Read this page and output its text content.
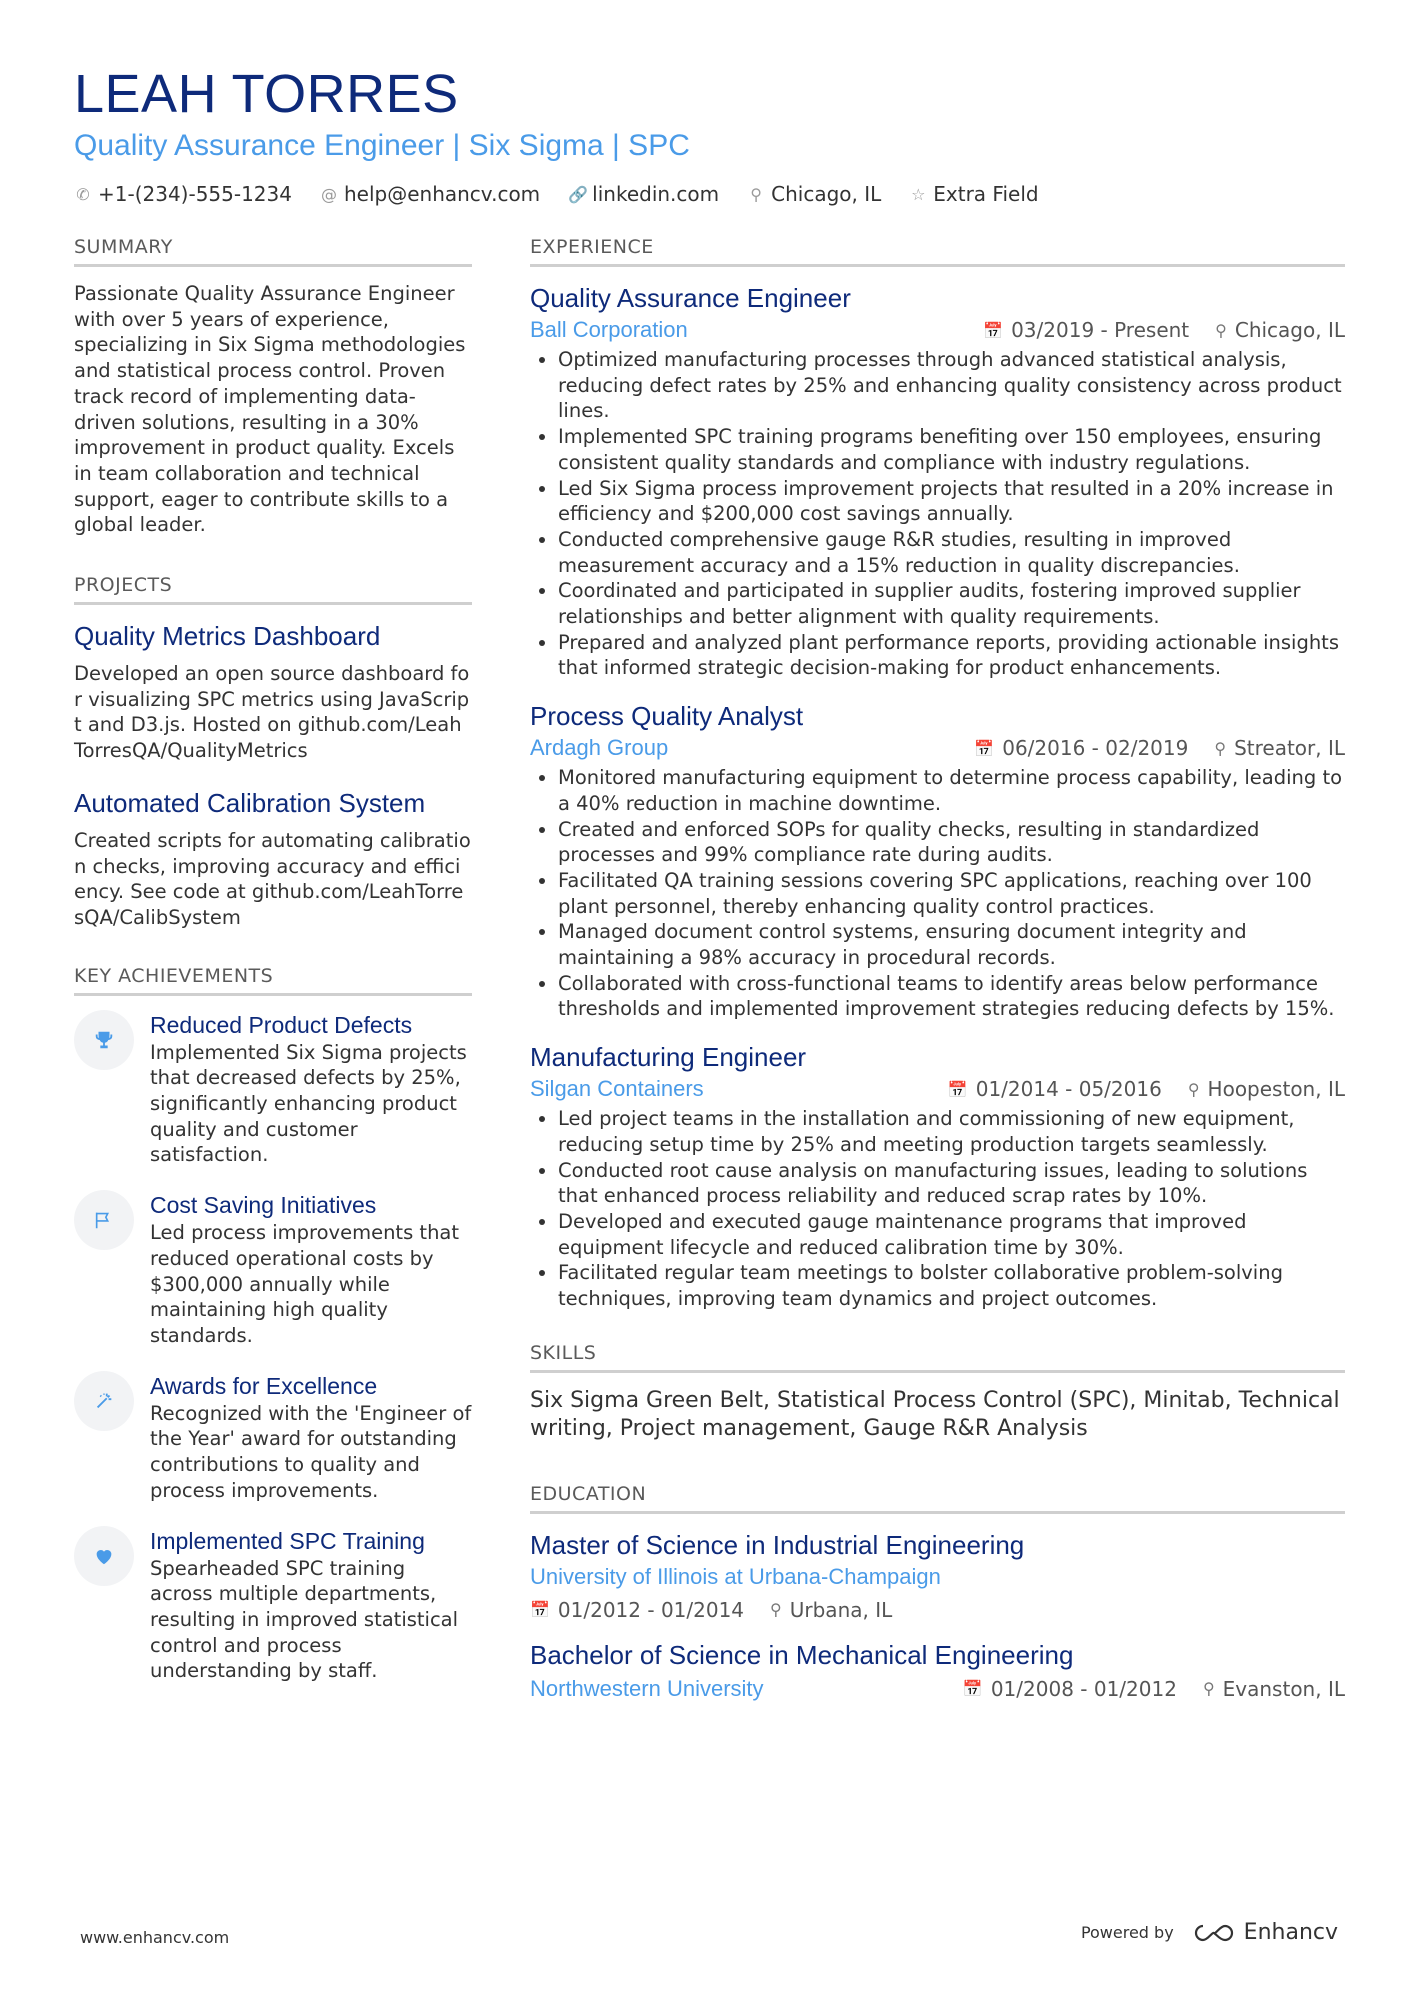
LEAH TORRES
Quality Assurance Engineer | Six Sigma | SPC
✆ +1-(234)-555-1234 @ help@enhancv.com 🔗 linkedin.com ⚲ Chicago, IL ☆ Extra Field
SUMMARY
Passionate Quality Assurance Engineer with over 5 years of experience, specializing in Six Sigma methodologies and statistical process control. Proven track record of implementing data-driven solutions, resulting in a 30% improvement in product quality. Excels in team collaboration and technical support, eager to contribute skills to a global leader.
PROJECTS
Quality Metrics Dashboard
Developed an open source dashboard for visualizing SPC metrics using JavaScript and D3.js. Hosted on github.com/LeahTorresQA/QualityMetrics
Automated Calibration System
Created scripts for automating calibration checks, improving accuracy and efficiency. See code at github.com/LeahTorresQA/CalibSystem
KEY ACHIEVEMENTS
Reduced Product Defects
Implemented Six Sigma projects that decreased defects by 25%, significantly enhancing product quality and customer satisfaction.
Cost Saving Initiatives
Led process improvements that reduced operational costs by $300,000 annually while maintaining high quality standards.
Awards for Excellence
Recognized with the 'Engineer of the Year' award for outstanding contributions to quality and process improvements.
Implemented SPC Training
Spearheaded SPC training across multiple departments, resulting in improved statistical control and process understanding by staff.
EXPERIENCE
Quality Assurance Engineer
Ball Corporation	📅 03/2019 - Present ⚲ Chicago, IL
• Optimized manufacturing processes through advanced statistical analysis, reducing defect rates by 25% and enhancing quality consistency across product lines.
• Implemented SPC training programs benefiting over 150 employees, ensuring consistent quality standards and compliance with industry regulations.
• Led Six Sigma process improvement projects that resulted in a 20% increase in efficiency and $200,000 cost savings annually.
• Conducted comprehensive gauge R&R studies, resulting in improved measurement accuracy and a 15% reduction in quality discrepancies.
• Coordinated and participated in supplier audits, fostering improved supplier relationships and better alignment with quality requirements.
• Prepared and analyzed plant performance reports, providing actionable insights that informed strategic decision-making for product enhancements.
Process Quality Analyst
Ardagh Group	📅 06/2016 - 02/2019 ⚲ Streator, IL
• Monitored manufacturing equipment to determine process capability, leading to a 40% reduction in machine downtime.
• Created and enforced SOPs for quality checks, resulting in standardized processes and 99% compliance rate during audits.
• Facilitated QA training sessions covering SPC applications, reaching over 100 plant personnel, thereby enhancing quality control practices.
• Managed document control systems, ensuring document integrity and maintaining a 98% accuracy in procedural records.
• Collaborated with cross-functional teams to identify areas below performance thresholds and implemented improvement strategies reducing defects by 15%.
Manufacturing Engineer
Silgan Containers	📅 01/2014 - 05/2016 ⚲ Hoopeston, IL
• Led project teams in the installation and commissioning of new equipment, reducing setup time by 25% and meeting production targets seamlessly.
• Conducted root cause analysis on manufacturing issues, leading to solutions that enhanced process reliability and reduced scrap rates by 10%.
• Developed and executed gauge maintenance programs that improved equipment lifecycle and reduced calibration time by 30%.
• Facilitated regular team meetings to bolster collaborative problem-solving techniques, improving team dynamics and project outcomes.
SKILLS
Six Sigma Green Belt, Statistical Process Control (SPC), Minitab, Technical writing, Project management, Gauge R&R Analysis
EDUCATION
Master of Science in Industrial Engineering
University of Illinois at Urbana-Champaign
📅 01/2012 - 01/2014 ⚲ Urbana, IL
Bachelor of Science in Mechanical Engineering
Northwestern University	📅 01/2008 - 01/2012 ⚲ Evanston, IL
www.enhancv.com	Powered by	Enhancv
